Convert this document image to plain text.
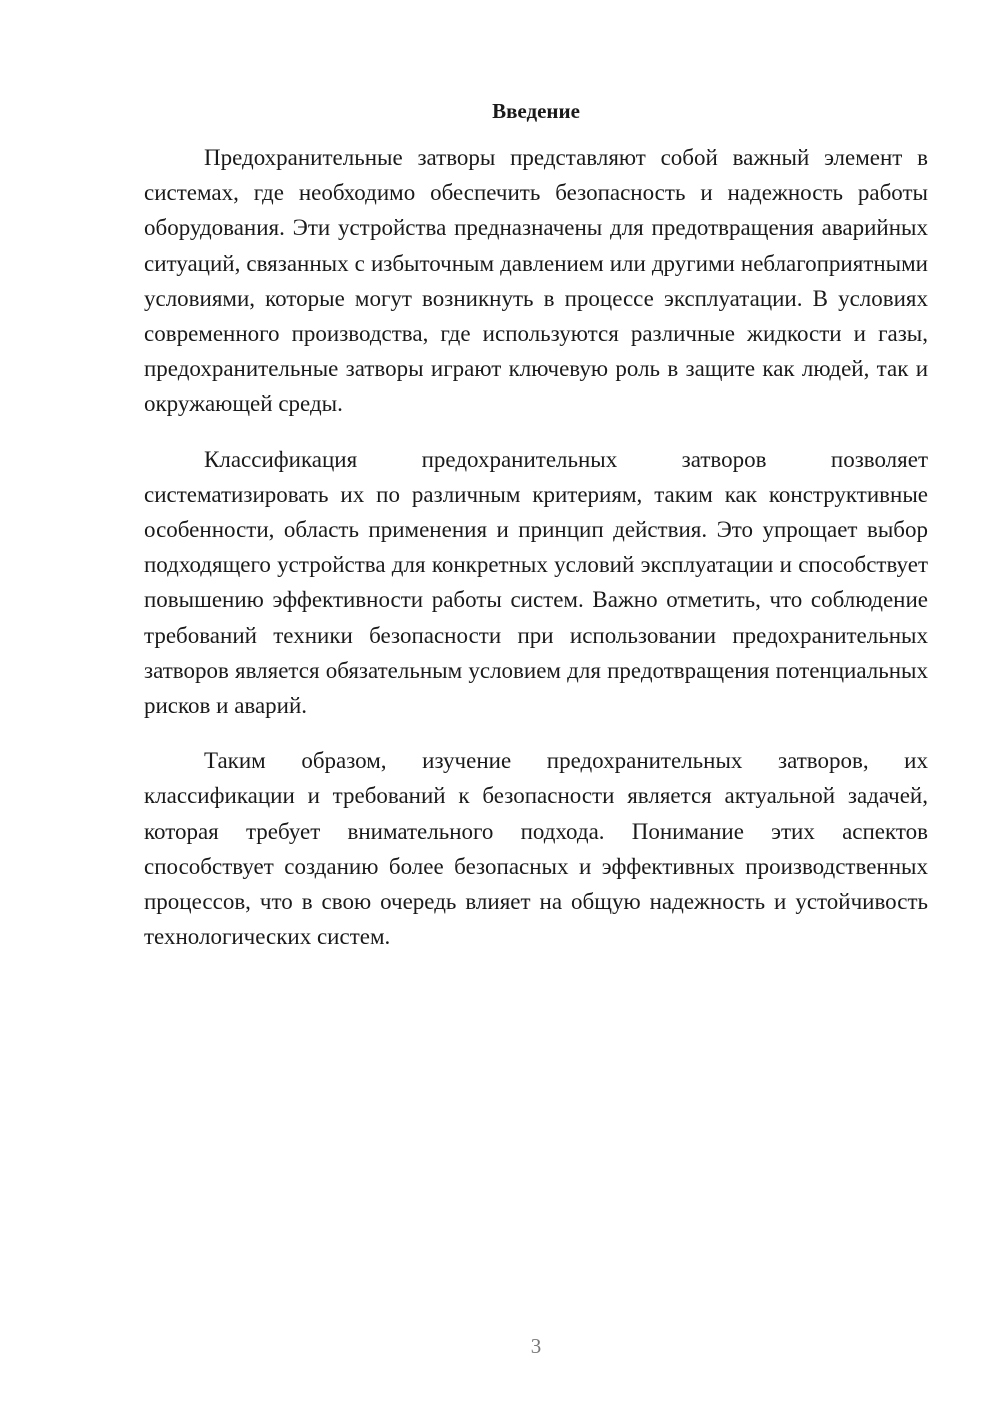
Введение

Предохранительные затворы представляют собой важный элемент в системах, где необходимо обеспечить безопасность и надежность работы оборудования. Эти устройства предназначены для предотвращения аварийных ситуаций, связанных с избыточным давлением или другими неблагоприятными условиями, которые могут возникнуть в процессе эксплуатации. В условиях современного производства, где используются различные жидкости и газы, предохранительные затворы играют ключевую роль в защите как людей, так и окружающей среды.

Классификация предохранительных затворов позволяет систематизировать их по различным критериям, таким как конструктивные особенности, область применения и принцип действия. Это упрощает выбор подходящего устройства для конкретных условий эксплуатации и способствует повышению эффективности работы систем. Важно отметить, что соблюдение требований техники безопасности при использовании предохранительных затворов является обязательным условием для предотвращения потенциальных рисков и аварий.

Таким образом, изучение предохранительных затворов, их классификации и требований к безопасности является актуальной задачей, которая требует внимательного подхода. Понимание этих аспектов способствует созданию более безопасных и эффективных производственных процессов, что в свою очередь влияет на общую надежность и устойчивость технологических систем.

3
